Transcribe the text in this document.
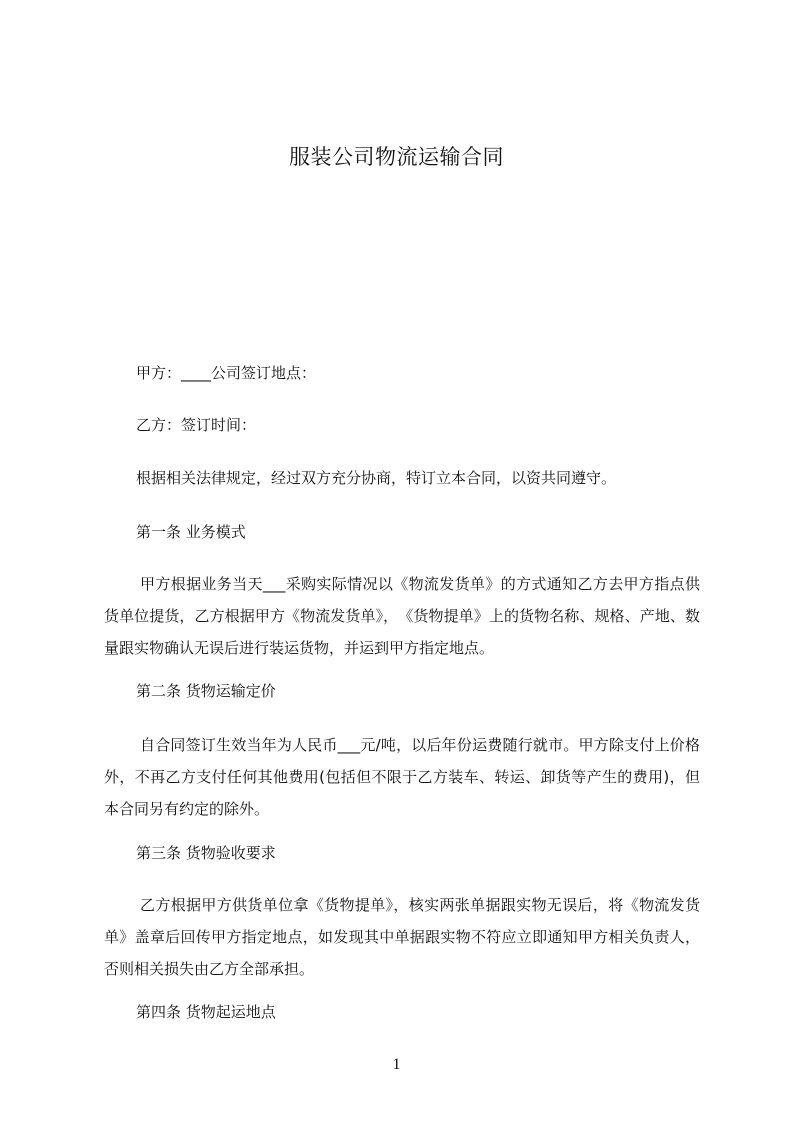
服装公司物流运输合同
甲方：____公司签订地点：
乙方：签订时间：
根据相关法律规定，经过双方充分协商，特订立本合同，以资共同遵守。
第一条 业务模式
甲方根据业务当天___采购实际情况以《物流发货单》的方式通知乙方去甲方指点供货单位提货，乙方根据甲方《物流发货单》，　《货物提单》上的货物名称、规格、产地、数量跟实物确认无误后进行装运货物，并运到甲方指定地点。
第二条 货物运输定价
自合同签订生效当年为人民币___元/吨，以后年份运费随行就市。甲方除支付上价格外，不再乙方支付任何其他费用(包括但不限于乙方装车、转运、卸货等产生的费用)，但本合同另有约定的除外。
第三条 货物验收要求
乙方根据甲方供货单位拿《货物提单》，核实两张单据跟实物无误后，将《物流发货单》盖章后回传甲方指定地点，如发现其中单据跟实物不符应立即通知甲方相关负责人，否则相关损失由乙方全部承担。
第四条 货物起运地点
1
